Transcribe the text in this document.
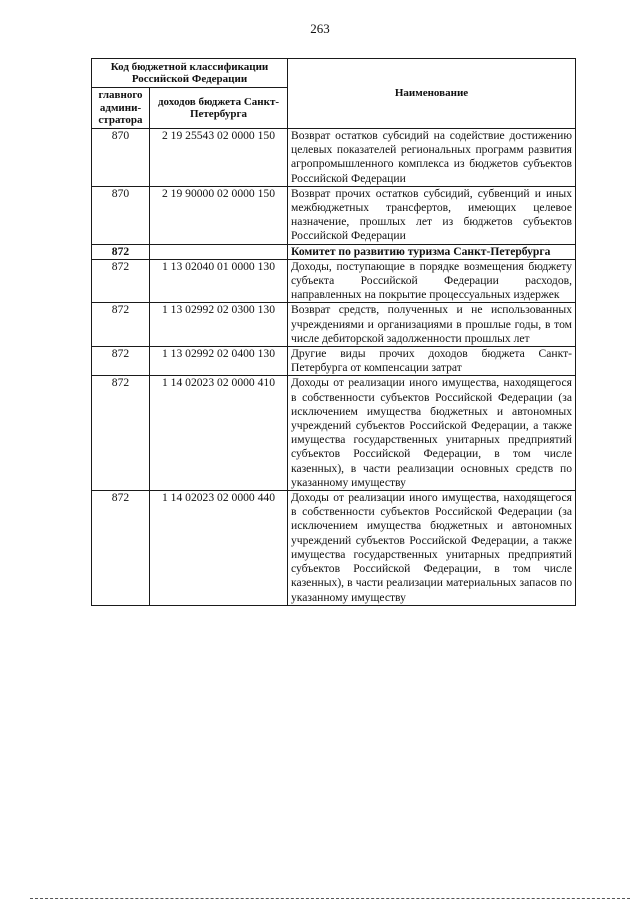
263
Код бюджетной классификации Российской Федерации		Наименование
главного админи-стратора	доходов бюджета Санкт-Петербурга	
870	2 19 25543 02 0000 150	Возврат остатков субсидий на содействие достижению целевых показателей региональных программ развития агропромышленного комплекса из бюджетов субъектов Российской Федерации
870	2 19 90000 02 0000 150	Возврат прочих остатков субсидий, субвенций и иных межбюджетных трансфертов, имеющих целевое назначение, прошлых лет из бюджетов субъектов Российской Федерации
872		Комитет по развитию туризма Санкт-Петербурга
872	1 13 02040 01 0000 130	Доходы, поступающие в порядке возмещения бюджету субъекта Российской Федерации расходов, направленных на покрытие процессуальных издержек
872	1 13 02992 02 0300 130	Возврат средств, полученных и не использованных учреждениями и организациями в прошлые годы, в том числе дебиторской задолженности прошлых лет
872	1 13 02992 02 0400 130	Другие виды прочих доходов бюджета Санкт-Петербурга от компенсации затрат
872	1 14 02023 02 0000 410	Доходы от реализации иного имущества, находящегося в собственности субъектов Российской Федерации (за исключением имущества бюджетных и автономных учреждений субъектов Российской Федерации, а также имущества государственных унитарных предприятий субъектов Российской Федерации, в том числе казенных), в части реализации основных средств по указанному имуществу
872	1 14 02023 02 0000 440	Доходы от реализации иного имущества, находящегося в собственности субъектов Российской Федерации (за исключением имущества бюджетных и автономных учреждений субъектов Российской Федерации, а также имущества государственных унитарных предприятий субъектов Российской Федерации, в том числе казенных), в части реализации материальных запасов по указанному имуществу
